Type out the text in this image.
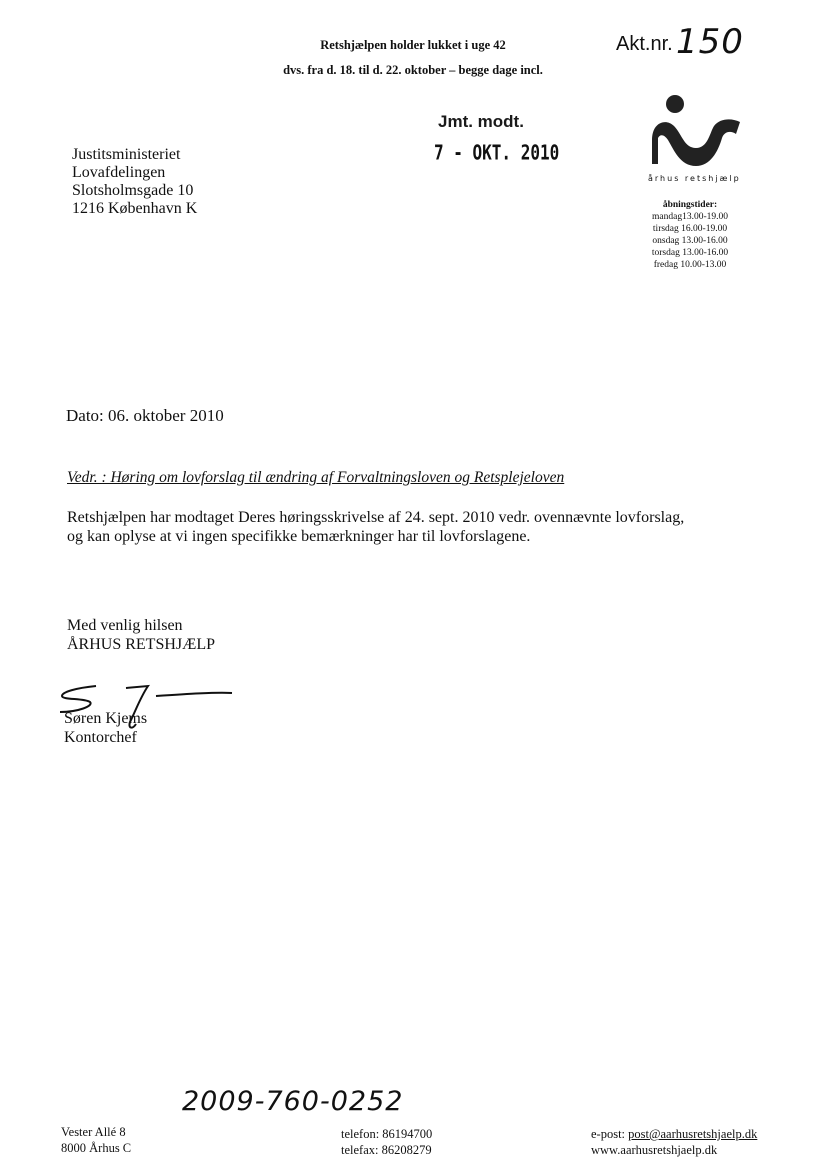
Retshjælpen holder lukket i uge 42
dvs. fra d. 18. til d. 22. oktober – begge dage incl.
Akt.nr. 150
Jmt. modt.
7 - OKT. 2010
Justitsministeriet
Lovafdelingen
Slotsholmsgade 10
1216 København K
århus retshjælp
åbningstider:
mandag13.00-19.00
tirsdag 16.00-19.00
onsdag 13.00-16.00
torsdag 13.00-16.00
fredag 10.00-13.00
Dato: 06. oktober 2010
Vedr. : Høring om lovforslag til ændring af Forvaltningsloven og Retsplejeloven
Retshjælpen har modtaget Deres høringsskrivelse af 24. sept. 2010 vedr. ovennævnte lovforslag,
og kan oplyse at vi ingen specifikke bemærkninger har til lovforslagene.
Med venlig hilsen
ÅRHUS RETSHJÆLP
Søren Kjems
Kontorchef
2009-760-0252
Vester Allé 8
8000 Århus C
telefon: 86194700
telefax: 86208279
e-post: post@aarhusretshjaelp.dk
www.aarhusretshjaelp.dk
